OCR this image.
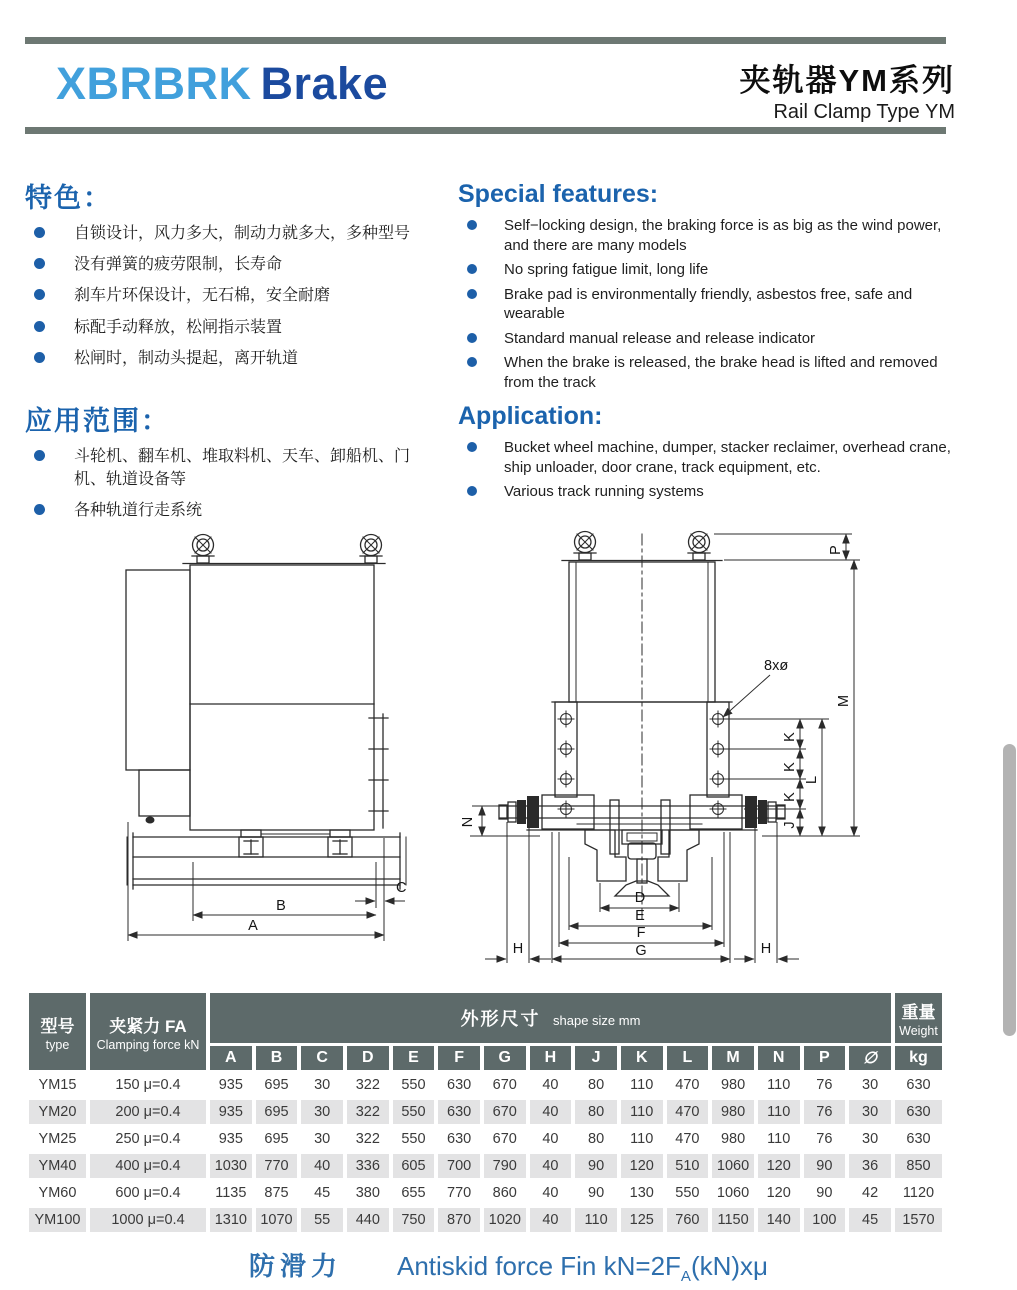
XBRBRK Brake	夹轨器YM系列
Rail Clamp Type YM
特色：
自锁设计，风力多大，制动力就多大，多种型号
没有弹簧的疲劳限制，长寿命
刹车片环保设计，无石棉，安全耐磨
标配手动释放，松闸指示装置
松闸时，制动头提起，离开轨道
Special features:
Self−locking design, the braking force is as big as the wind power, and there are many models
No spring fatigue limit, long life
Brake pad is environmentally friendly, asbestos free, safe and wearable
Standard manual release and release indicator
When the brake is released, the brake head is lifted and removed from the track
应用范围：
斗轮机、翻车机、堆取料机、天车、卸船机、门机、轨道设备等
各种轨道行走系统
Application:
Bucket wheel machine, dumper, stacker reclaimer, overhead crane, ship unloader, door crane, track equipment, etc.
Various track running systems
C
B
A
8xø
P
M
L
K
K
K
J
N
D
E
F
G
H	H
型号
type	夹紧力 FA
Clamping force kN	外形尺寸 shape size mm															重量
Weight

		A	B	C	D	E	F	G	H	J	K	L	M	N	P	∅	kg
YM15	150 μ=0.4	935	695	30	322	550	630	670	40	80	110	470	980	110	76	30	630
YM20	200 μ=0.4	935	695	30	322	550	630	670	40	80	110	470	980	110	76	30	630
YM25	250 μ=0.4	935	695	30	322	550	630	670	40	80	110	470	980	110	76	30	630
YM40	400 μ=0.4	1030	770	40	336	605	700	790	40	90	120	510	1060	120	90	36	850
YM60	600 μ=0.4	1135	875	45	380	655	770	860	40	90	130	550	1060	120	90	42	1120
YM100	1000 μ=0.4	1310	1070	55	440	750	870	1020	40	110	125	760	1150	140	100	45	1570
防滑力 Antiskid force Fin $kN=2F_A(kN)x\mu$
